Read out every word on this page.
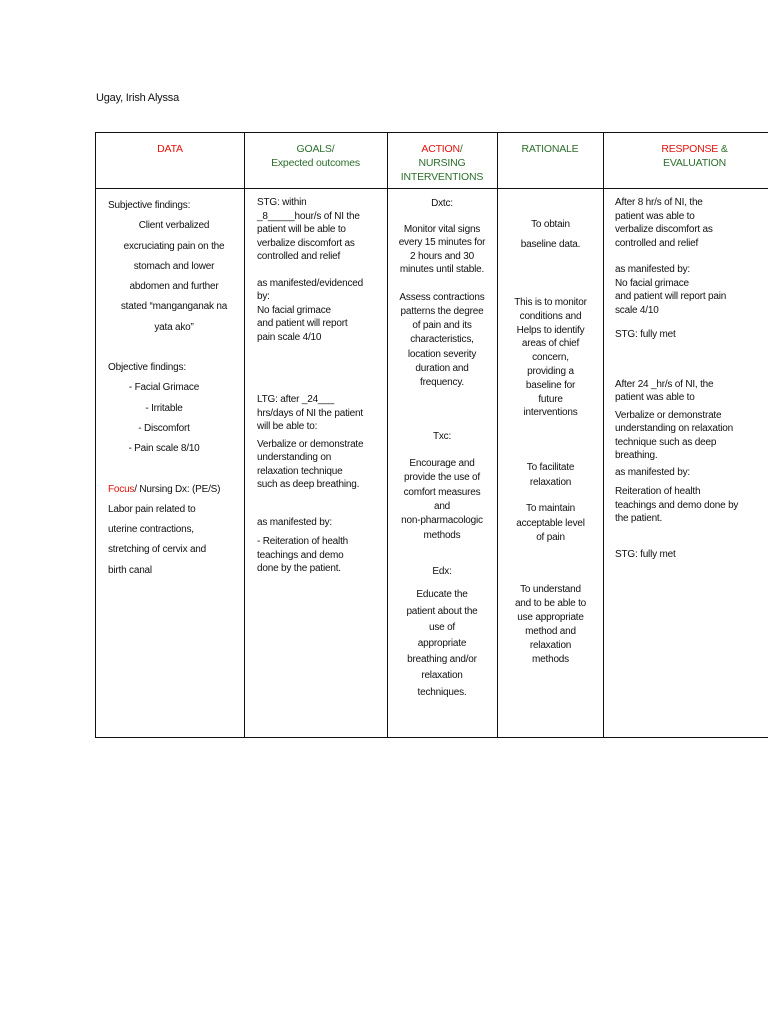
Ugay, Irish Alyssa
DATA	GOALS/
Expected outcomes
ACTION/
NURSING
INTERVENTIONS
RATIONALE	RESPONSE &
EVALUATION

Subjective findings:

Client verbalized

excruciating pain on the

stomach and lower

abdomen and further

stated “manganganak na

yata ako”

Objective findings:

- Facial Grimace

- Irritable

- Discomfort

- Pain scale 8/10

Focus/ Nursing Dx: (PE/S)

Labor pain related to

uterine contractions,

stretching of cervix and

birth canal

STG: within

_8_____hour/s of NI the

patient will be able to

verbalize discomfort as

controlled and relief

as manifested/evidenced

by:

No facial grimace

and patient will report

pain scale 4/10

LTG: after _24___

hrs/days of NI the patient

will be able to:

Verbalize or demonstrate

understanding on

relaxation technique

such as deep breathing.

as manifested by:

- Reiteration of health

teachings and demo

done by the patient.

Dxtc:

Monitor vital signs

every 15 minutes for

2 hours and 30

minutes until stable.

Assess contractions

patterns the degree

of pain and its

characteristics,

location severity

duration and

frequency.

Txc:

Encourage and

provide the use of

comfort measures

and

non-pharmacologic

methods

Edx:

Educate the

patient about the

use of

appropriate

breathing and/or

relaxation

techniques.

To obtain

baseline data.

This is to monitor

conditions and

Helps to identify

areas of chief

concern,

providing a

baseline for

future

interventions

To facilitate

relaxation

To maintain

acceptable level

of pain

To understand

and to be able to

use appropriate

method and

relaxation

methods

After 8 hr/s of NI, the

patient was able to

verbalize discomfort as

controlled and relief

as manifested by:

No facial grimace

and patient will report pain

scale 4/10

STG: fully met

After 24 _hr/s of NI, the

patient was able to

Verbalize or demonstrate

understanding on relaxation

technique such as deep

breathing.

as manifested by:

Reiteration of health

teachings and demo done by

the patient.

STG: fully met
